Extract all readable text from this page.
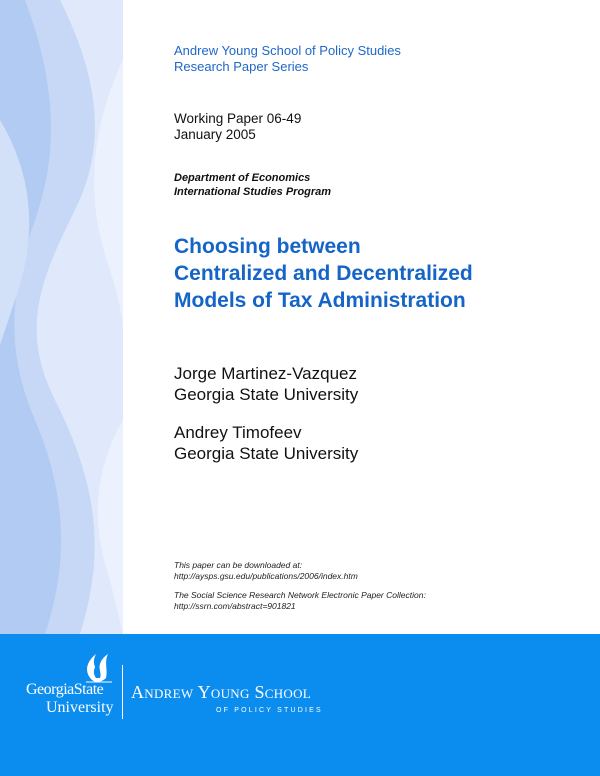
Andrew Young School of Policy Studies
Research Paper Series
Working Paper 06-49
January 2005
Department of Economics
International Studies Program
Choosing between
Centralized and Decentralized
Models of Tax Administration
Jorge Martinez-Vazquez
Georgia State University
Andrey Timofeev
Georgia State University
This paper can be downloaded at:
http://aysps.gsu.edu/publications/2006/index.htm
The Social Science Research Network Electronic Paper Collection:
http://ssrn.com/abstract=901821
GeorgiaState
University
Andrew Young School
OF POLICY STUDIES
